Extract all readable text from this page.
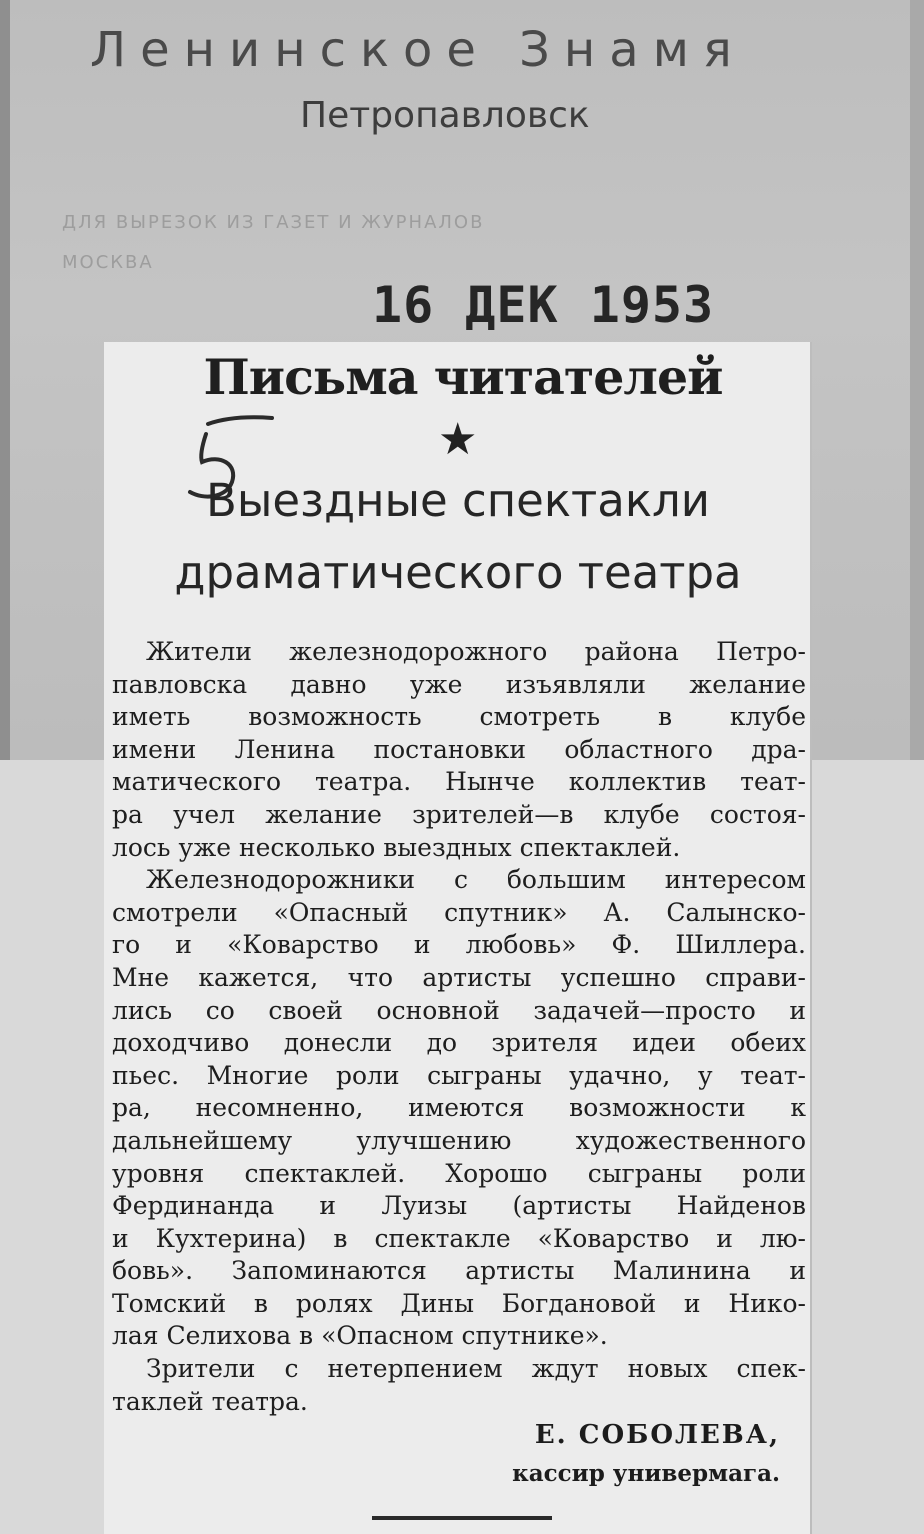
Ленинское Знамя
Петропавловск
ДЛЯ ВЫРЕЗОК ИЗ ГАЗЕТ И ЖУРНАЛОВ
МОСКВА
16 ДЕК 1953
Письма читателей
★
Выездные спектакли
драматического театра
Жители железнодорожного района Петро-
павловска давно уже изъявляли желание
иметь возможность смотреть в клубе
имени Ленина постановки областного дра-
матического театра. Нынче коллектив теат-
ра учел желание зрителей—в клубе состоя-
лось уже несколько выездных спектаклей.
Железнодорожники с большим интересом
смотрели «Опасный спутник» А. Салынско-
го и «Коварство и любовь» Ф. Шиллера.
Мне кажется, что артисты успешно справи-
лись со своей основной задачей—просто и
доходчиво донесли до зрителя идеи обеих
пьес. Многие роли сыграны удачно, у теат-
ра, несомненно, имеются возможности к
дальнейшему улучшению художественного
уровня спектаклей. Хорошо сыграны роли
Фердинанда и Луизы (артисты Найденов
и Кухтерина) в спектакле «Коварство и лю-
бовь». Запоминаются артисты Малинина и
Томский в ролях Дины Богдановой и Нико-
лая Селихова в «Опасном спутнике».
Зрители с нетерпением ждут новых спек-
таклей театра.
Е. СОБОЛЕВА,
кассир универмага.
